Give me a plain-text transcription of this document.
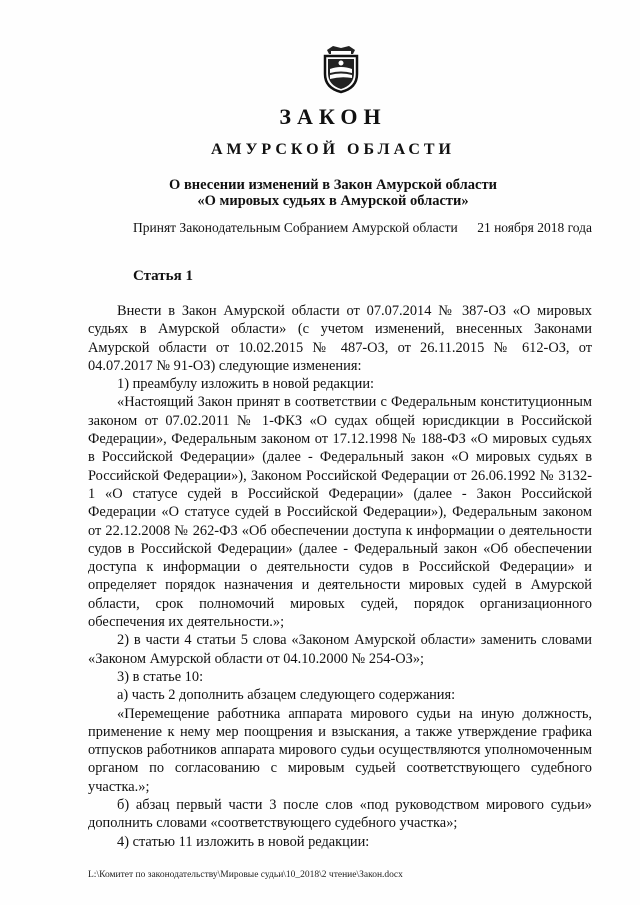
ЗАКОН
АМУРСКОЙ ОБЛАСТИ
О внесении изменений в Закон Амурской области
«О мировых судьях в Амурской области»
Принят Законодательным Собранием Амурской области 21 ноября 2018 года
Статья 1

Внести в Закон Амурской области от 07.07.2014 № 387-ОЗ «О мировых судьях в Амурской области» (с учетом изменений, внесенных Законами Амурской области от 10.02.2015 № 487-ОЗ, от 26.11.2015 № 612-ОЗ, от 04.07.2017 № 91-ОЗ) следующие изменения:

1) преамбулу изложить в новой редакции:

«Настоящий Закон принят в соответствии с Федеральным конституционным законом от 07.02.2011 № 1-ФКЗ «О судах общей юрисдикции в Российской Федерации», Федеральным законом от 17.12.1998 № 188-ФЗ «О мировых судьях в Российской Федерации» (далее - Федеральный закон «О мировых судьях в Российской Федерации»), Законом Российской Федерации от 26.06.1992 № 3132-1 «О статусе судей в Российской Федерации» (далее - Закон Российской Федерации «О статусе судей в Российской Федерации»), Федеральным законом от 22.12.2008 № 262-ФЗ «Об обеспечении доступа к информации о деятельности судов в Российской Федерации» (далее - Федеральный закон «Об обеспечении доступа к информации о деятельности судов в Российской Федерации» и определяет порядок назначения и деятельности мировых судей в Амурской области, срок полномочий мировых судей, порядок организационного обеспечения их деятельности.»;

2) в части 4 статьи 5 слова «Законом Амурской области» заменить словами «Законом Амурской области от 04.10.2000 № 254-ОЗ»;

3) в статье 10:

а) часть 2 дополнить абзацем следующего содержания:

«Перемещение работника аппарата мирового судьи на иную должность, применение к нему мер поощрения и взыскания, а также утверждение графика отпусков работников аппарата мирового судьи осуществляются уполномоченным органом по согласованию с мировым судьей соответствующего судебного участка.»;

б) абзац первый части 3 после слов «под руководством мирового судьи» дополнить словами «соответствующего судебного участка»;

4) статью 11 изложить в новой редакции:

L:\Комитет по законодательству\Мировые судьи\10_2018\2 чтение\Закон.docx
